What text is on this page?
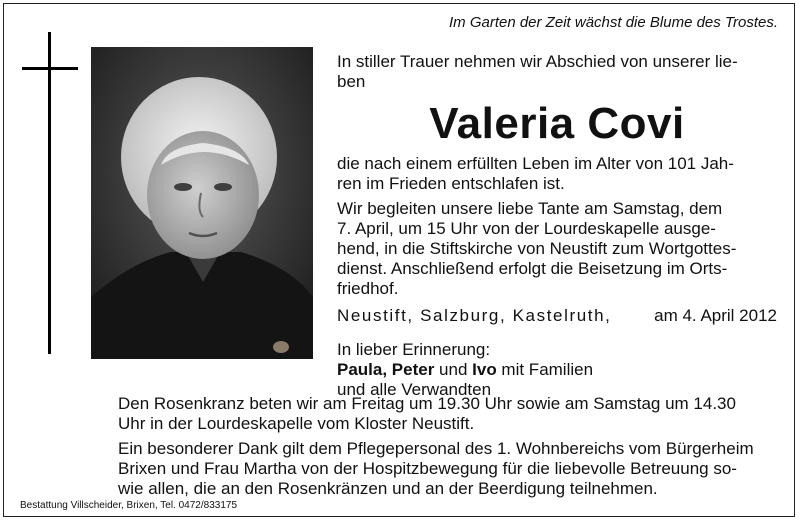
Im Garten der Zeit wächst die Blume des Trostes.

In stiller Trauer nehmen wir Abschied von unserer lie-

ben

Valeria Covi

die nach einem erfüllten Leben im Alter von 101 Jah-

ren im Frieden entschlafen ist.

Wir begleiten unsere liebe Tante am Samstag, dem

7. April, um 15 Uhr von der Lourdeskapelle ausge-

hend, in die Stiftskirche von Neustift zum Wortgottes-

dienst. Anschließend erfolgt die Beisetzung im Orts-

friedhof.

Neustift, Salzburg, Kastelruth,	am 4. April 2012

In lieber Erinnerung:

Paula, Peter und Ivo mit Familien

und alle Verwandten

Den Rosenkranz beten wir am Freitag um 19.30 Uhr sowie am Samstag um 14.30

Uhr in der Lourdeskapelle vom Kloster Neustift.

Ein besonderer Dank gilt dem Pflegepersonal des 1. Wohnbereichs vom Bürgerheim

Brixen und Frau Martha von der Hospitzbewegung für die liebevolle Betreuung so-

wie allen, die an den Rosenkränzen und an der Beerdigung teilnehmen.

Bestattung Villscheider, Brixen, Tel. 0472/833175
